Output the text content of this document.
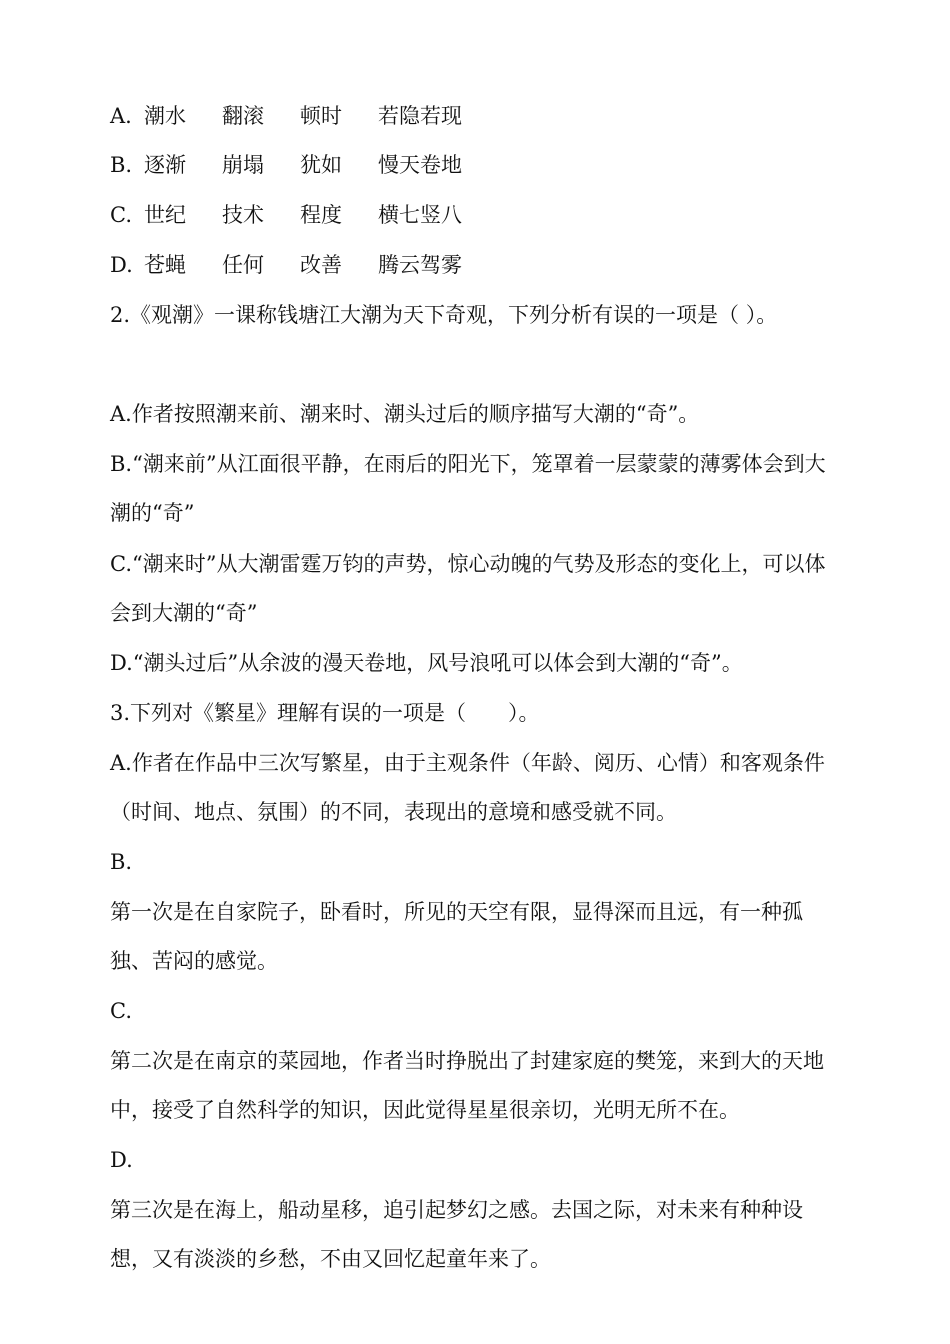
A. 潮水 翻滚 顿时 若隐若现
B. 逐渐 崩塌 犹如 慢天卷地
C. 世纪 技术 程度 横七竖八
D. 苍蝇 任何 改善 腾云驾雾
2.《观潮》一课称钱塘江大潮为天下奇观，下列分析有误的一项是（ ）。
A.作者按照潮来前、潮来时、潮头过后的顺序描写大潮的“奇”。
B.“潮来前”从江面很平静，在雨后的阳光下，笼罩着一层蒙蒙的薄雾体会到大潮的“奇”
C.“潮来时”从大潮雷霆万钧的声势，惊心动魄的气势及形态的变化上，可以体会到大潮的“奇”
D.“潮头过后”从余波的漫天卷地，风号浪吼可以体会到大潮的“奇”。
3.下列对《繁星》理解有误的一项是（　　）。
A.作者在作品中三次写繁星，由于主观条件（年龄、阅历、心情）和客观条件（时间、地点、氛围）的不同，表现出的意境和感受就不同。
B.
第一次是在自家院子，卧看时，所见的天空有限，显得深而且远，有一种孤独、苦闷的感觉。
C.
第二次是在南京的菜园地，作者当时挣脱出了封建家庭的樊笼，来到大的天地中，接受了自然科学的知识，因此觉得星星很亲切，光明无所不在。
D.
第三次是在海上，船动星移，追引起梦幻之感。去国之际，对未来有种种设想，又有淡淡的乡愁，不由又回忆起童年来了。
